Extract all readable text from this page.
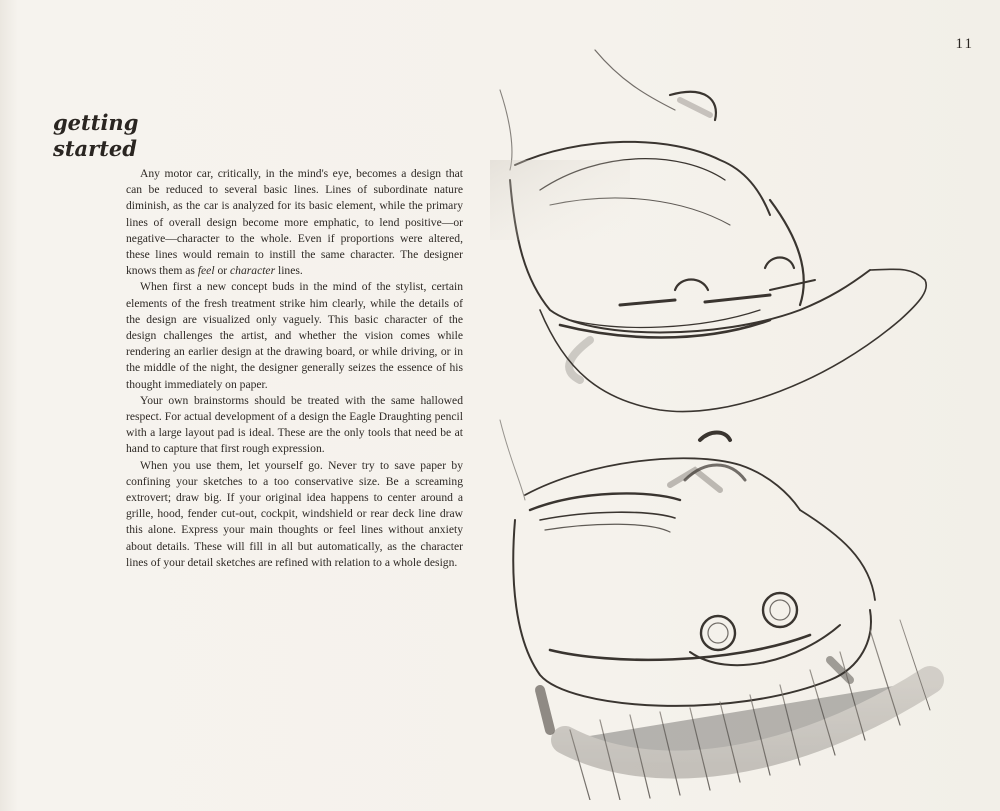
11
getting
started

Any motor car, critically, in the mind's eye, becomes a design that can be reduced to several basic lines. Lines of subordinate nature diminish, as the car is analyzed for its basic element, while the primary lines of overall design become more emphatic, to lend positive—or negative—character to the whole. Even if proportions were altered, these lines would remain to instill the same character. The designer knows them as feel or character lines.

When first a new concept buds in the mind of the stylist, certain elements of the fresh treatment strike him clearly, while the details of the design are visualized only vaguely. This basic character of the design challenges the artist, and whether the vision comes while rendering an earlier design at the drawing board, or while driving, or in the middle of the night, the designer generally seizes the essence of his thought immediately on paper.

Your own brainstorms should be treated with the same hallowed respect. For actual development of a design the Eagle Draughting pencil with a large layout pad is ideal. These are the only tools that need be at hand to capture that first rough expression.

When you use them, let yourself go. Never try to save paper by confining your sketches to a too conservative size. Be a screaming extrovert; draw big. If your original idea happens to center around a grille, hood, fender cut-out, cockpit, windshield or rear deck line draw this alone. Express your main thoughts or feel lines without anxiety about details. These will fill in all but automatically, as the character lines of your detail sketches are refined with relation to a whole design.
